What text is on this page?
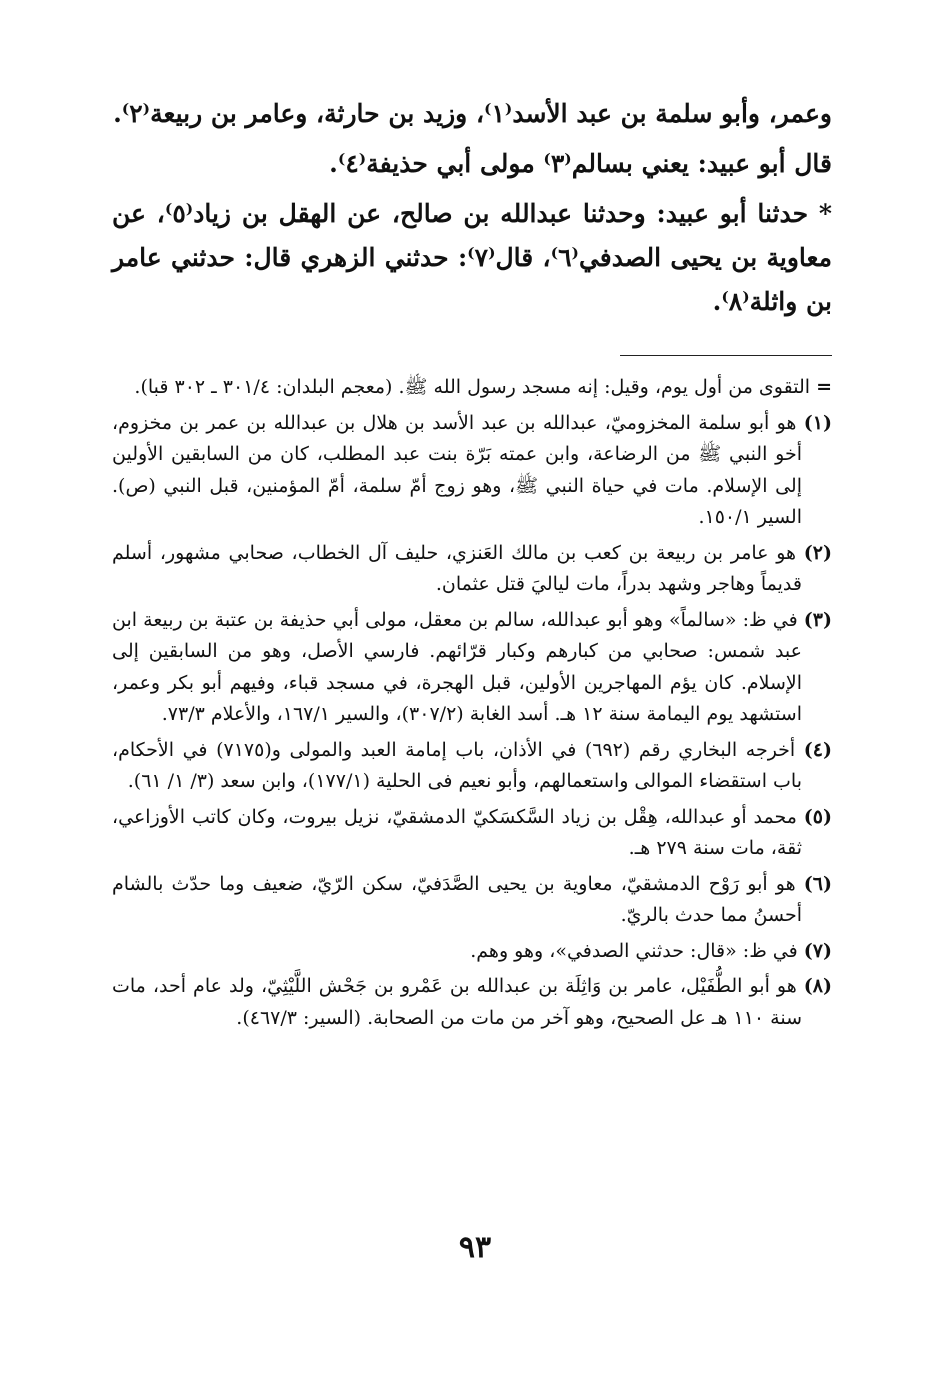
وعمر، وأبو سلمة بن عبد الأسد⁽١⁾، وزيد بن حارثة، وعامر بن ربيعة⁽٢⁾.

قال أبو عبيد: يعني بسالم⁽٣⁾ مولى أبي حذيفة⁽٤⁾.

* حدثنا أبو عبيد: وحدثنا عبدالله بن صالح، عن الهقل بن زياد⁽٥⁾، عن معاوية بن يحيى الصدفي⁽٦⁾، قال⁽٧⁾: حدثني الزهري قال: حدثني عامر بن واثلة⁽٨⁾.

= التقوى من أول يوم، وقيل: إنه مسجد رسول الله ﷺ. (معجم البلدان: ٣٠١/٤ ـ ٣٠٢ قبا).

(١) هو أبو سلمة المخزوميّ، عبدالله بن عبد الأسد بن هلال بن عبدالله بن عمر بن مخزوم، أخو النبي ﷺ من الرضاعة، وابن عمته بَرّة بنت عبد المطلب، كان من السابقين الأولين إلى الإسلام. مات في حياة النبي ﷺ، وهو زوج أمّ سلمة، أمّ المؤمنين، قبل النبي (ص). السير ١٥٠/١.

(٢) هو عامر بن ربيعة بن كعب بن مالك العَنزي، حليف آل الخطاب، صحابي مشهور، أسلم قديماً وهاجر وشهد بدراً، مات لياليَ قتل عثمان.

(٣) في ظ: «سالماً» وهو أبو عبدالله، سالم بن معقل، مولى أبي حذيفة بن عتبة بن ربيعة ابن عبد شمس: صحابي من كبارهم وكبار قرّائهم. فارسي الأصل، وهو من السابقين إلى الإسلام. كان يؤم المهاجرين الأولين، قبل الهجرة، في مسجد قباء، وفيهم أبو بكر وعمر، استشهد يوم اليمامة سنة ١٢ هـ. أسد الغابة (٣٠٧/٢)، والسير ١٦٧/١، والأعلام ٧٣/٣.

(٤) أخرجه البخاري رقم (٦٩٢) في الأذان، باب إمامة العبد والمولى و(٧١٧٥) في الأحكام، باب استقضاء الموالى واستعمالهم، وأبو نعيم فى الحلية (١٧٧/١)، وابن سعد (٣/ ١/ ٦١).

(٥) محمد أو عبدالله، هِقْل بن زياد السَّكسَكيّ الدمشقيّ، نزيل بيروت، وكان كاتب الأوزاعي، ثقة، مات سنة ٢٧٩ هـ.

(٦) هو أبو رَوْح الدمشقيّ، معاوية بن يحيى الصَّدَفيّ، سكن الرّيّ، ضعيف وما حدّث بالشام أحسنُ مما حدث بالريّ.

(٧) في ظ: «قال: حدثني الصدفي»، وهو وهم.

(٨) هو أبو الطُّفَيْل، عامر بن وَاثِلَة بن عبدالله بن عَمْرو بن جَحْش اللَّيْثِيّ، ولد عام أحد، مات سنة ١١٠ هـ عل الصحيح، وهو آخر من مات من الصحابة. (السير: ٤٦٧/٣).

٩٣
